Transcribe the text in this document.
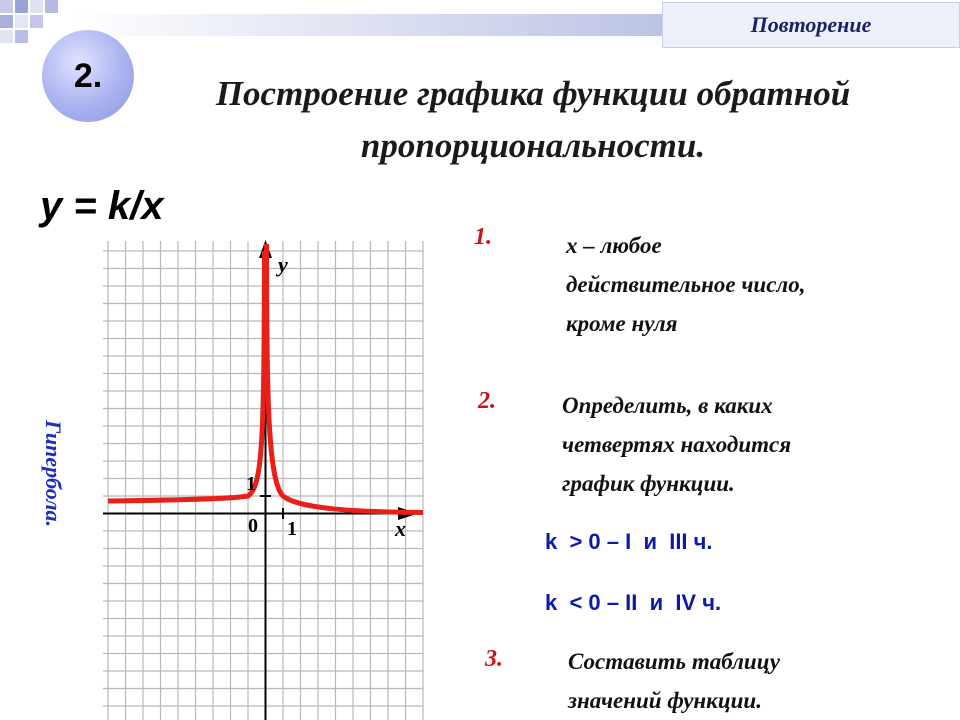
Повторение
2.	Построение графика функции обратной
пропорциональности.
y = k/x
Гипербола.
y
x
0 1
1
1.	х – любое
действительное число,
кроме нуля
2.	Определить, в каких
четвертях находится
график функции.
k  > 0 – I  и  III ч.
k  < 0 – II  и  IV ч.
3.	Составить таблицу
значений функции.
